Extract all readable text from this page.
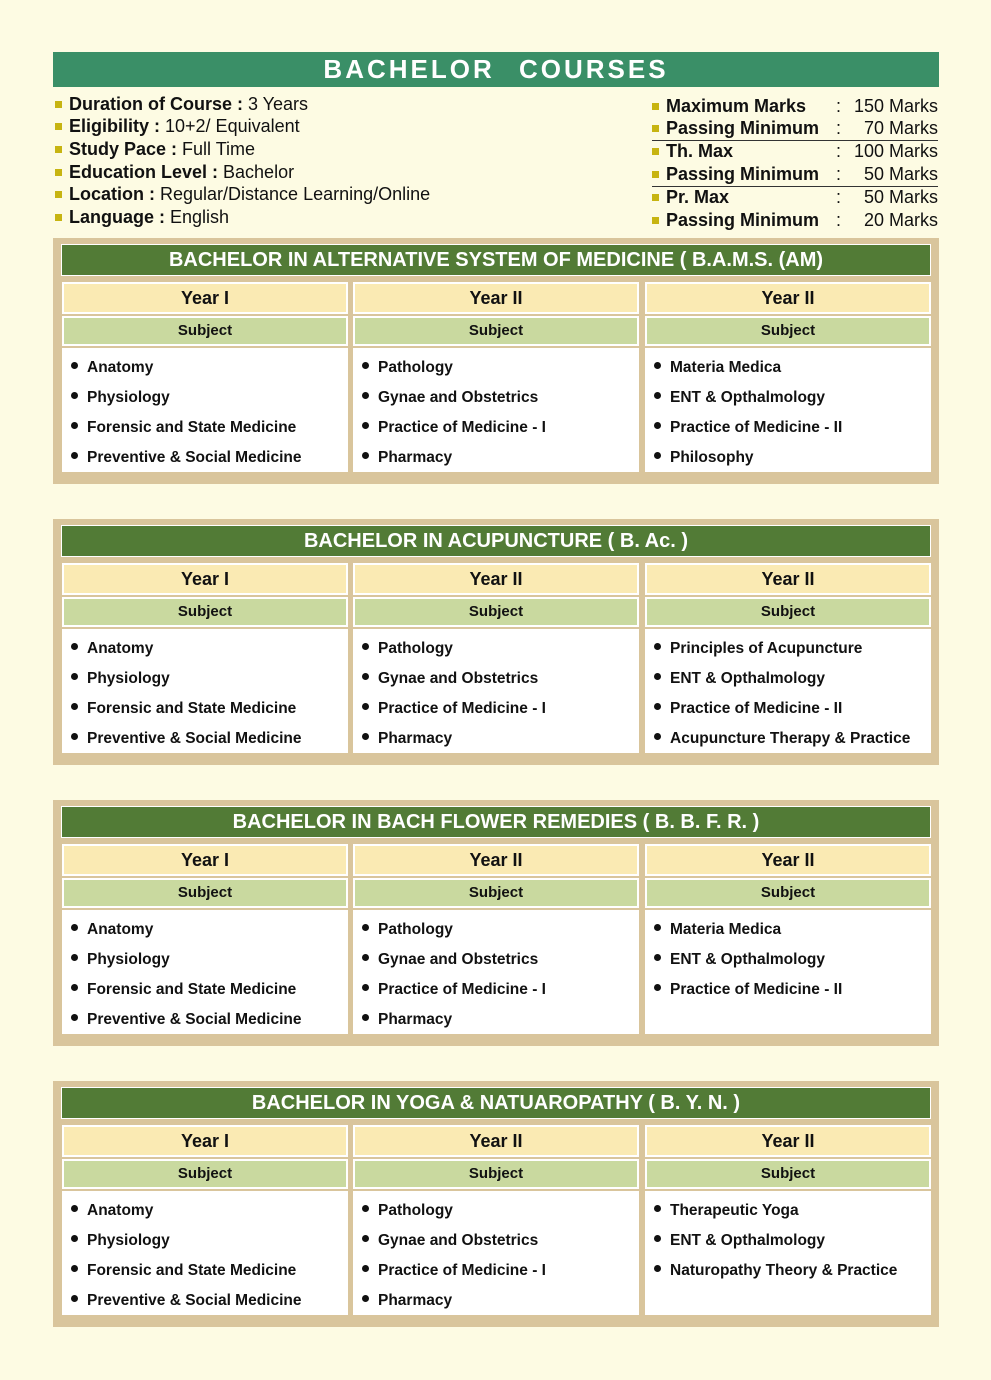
BACHELOR COURSES
Duration of Course : 3 Years
Eligibility : 10+2/ Equivalent
Study Pace : Full Time
Education Level : Bachelor
Location : Regular/Distance Learning/Online
Language : English
Maximum Marks : 150 Marks
Passing Minimum : 70 Marks
Th. Max	: 100 Marks
Passing Minimum : 50 Marks
Pr. Max	: 50 Marks
Passing Minimum : 20 Marks
BACHELOR IN ALTERNATIVE SYSTEM OF MEDICINE ( B.A.M.S. (AM)
Year I
Subject
Anatomy
Physiology
Forensic and State Medicine
Preventive & Social Medicine
Year II
Subject
Pathology
Gynae and Obstetrics
Practice of Medicine - I
Pharmacy
Year II
Subject
Materia Medica
ENT & Opthalmology
Practice of Medicine - II
Philosophy
BACHELOR IN ACUPUNCTURE ( B. Ac. )
Year I
Subject
Anatomy
Physiology
Forensic and State Medicine
Preventive & Social Medicine
Year II
Subject
Pathology
Gynae and Obstetrics
Practice of Medicine - I
Pharmacy
Year II
Subject
Principles of Acupuncture
ENT & Opthalmology
Practice of Medicine - II
Acupuncture Therapy & Practice
BACHELOR IN BACH FLOWER REMEDIES ( B. B. F. R. )
Year I
Subject
Anatomy
Physiology
Forensic and State Medicine
Preventive & Social Medicine
Year II
Subject
Pathology
Gynae and Obstetrics
Practice of Medicine - I
Pharmacy
Year II
Subject
Materia Medica
ENT & Opthalmology
Practice of Medicine - II
BACHELOR IN YOGA & NATUAROPATHY ( B. Y. N. )
Year I
Subject
Anatomy
Physiology
Forensic and State Medicine
Preventive & Social Medicine
Year II
Subject
Pathology
Gynae and Obstetrics
Practice of Medicine - I
Pharmacy
Year II
Subject
Therapeutic Yoga
ENT & Opthalmology
Naturopathy Theory & Practice
